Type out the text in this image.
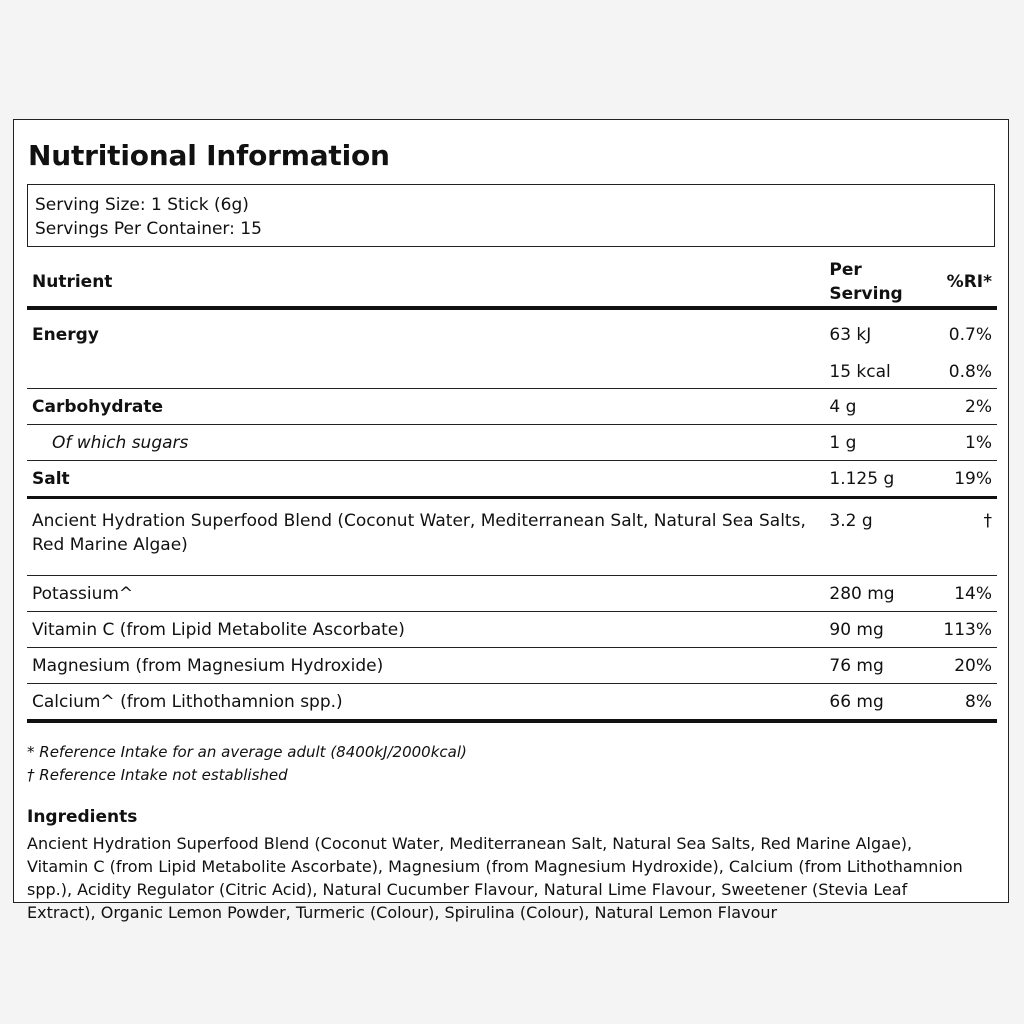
Nutritional Information
Serving Size: 1 Stick (6g)
Servings Per Container: 15
Nutrient	Per Serving	%RI*
Energy	63 kJ	0.7%
	15 kcal	0.8%
Carbohydrate	4 g	2%
Of which sugars	1 g	1%
Salt	1.125 g	19%
Ancient Hydration Superfood Blend (Coconut Water, Mediterranean Salt, Natural Sea Salts, Red Marine Algae)	3.2 g	†
Potassium^	280 mg	14%
Vitamin C (from Lipid Metabolite Ascorbate)	90 mg	113%
Magnesium (from Magnesium Hydroxide)	76 mg	20%
Calcium^ (from Lithothamnion spp.)	66 mg	8%
* Reference Intake for an average adult (8400kJ/2000kcal)
† Reference Intake not established
Ingredients
Ancient Hydration Superfood Blend (Coconut Water, Mediterranean Salt, Natural Sea Salts, Red Marine Algae), Vitamin C (from Lipid Metabolite Ascorbate), Magnesium (from Magnesium Hydroxide), Calcium (from Lithothamnion spp.), Acidity Regulator (Citric Acid), Natural Cucumber Flavour, Natural Lime Flavour, Sweetener (Stevia Leaf Extract), Organic Lemon Powder, Turmeric (Colour), Spirulina (Colour), Natural Lemon Flavour
